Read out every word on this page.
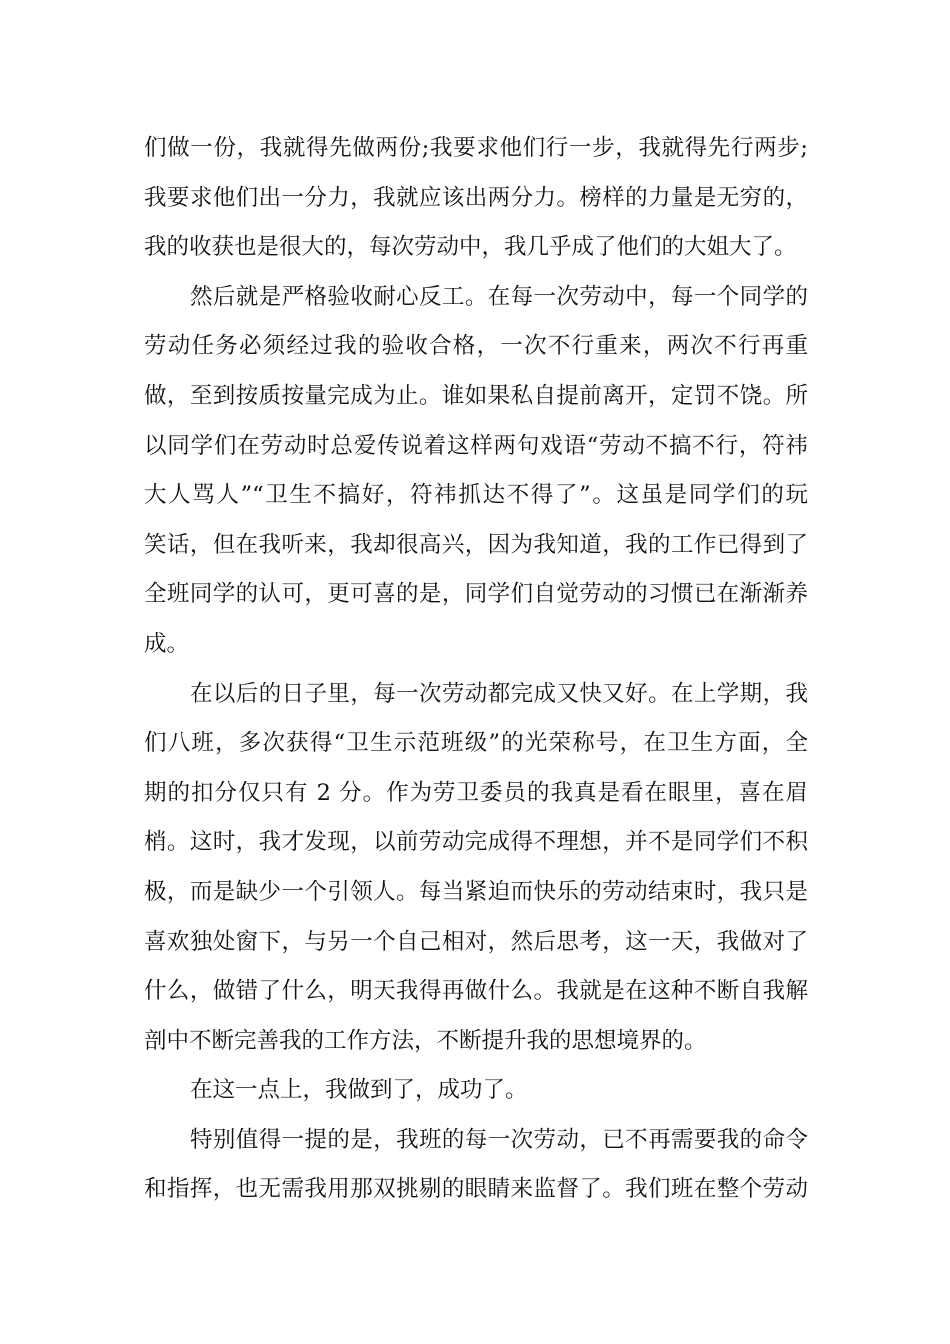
们做一份，我就得先做两份;我要求他们行一步，我就得先行两步;
我要求他们出一分力，我就应该出两分力。榜样的力量是无穷的，
我的收获也是很大的，每次劳动中，我几乎成了他们的大姐大了。
然后就是严格验收耐心反工。在每一次劳动中，每一个同学的
劳动任务必须经过我的验收合格，一次不行重来，两次不行再重
做，至到按质按量完成为止。谁如果私自提前离开，定罚不饶。所
以同学们在劳动时总爱传说着这样两句戏语“劳动不搞不行，符祎
大人骂人”“卫生不搞好，符祎抓达不得了”。这虽是同学们的玩
笑话，但在我听来，我却很高兴，因为我知道，我的工作已得到了
全班同学的认可，更可喜的是，同学们自觉劳动的习惯已在渐渐养
成。
在以后的日子里，每一次劳动都完成又快又好。在上学期，我
们八班，多次获得“卫生示范班级”的光荣称号，在卫生方面，全
期的扣分仅只有 2 分。作为劳卫委员的我真是看在眼里，喜在眉
梢。这时，我才发现，以前劳动完成得不理想，并不是同学们不积
极，而是缺少一个引领人。每当紧迫而快乐的劳动结束时，我只是
喜欢独处窗下，与另一个自己相对，然后思考，这一天，我做对了
什么，做错了什么，明天我得再做什么。我就是在这种不断自我解
剖中不断完善我的工作方法，不断提升我的思想境界的。
在这一点上，我做到了，成功了。
特别值得一提的是，我班的每一次劳动，已不再需要我的命令
和指挥，也无需我用那双挑剔的眼睛来监督了。我们班在整个劳动
